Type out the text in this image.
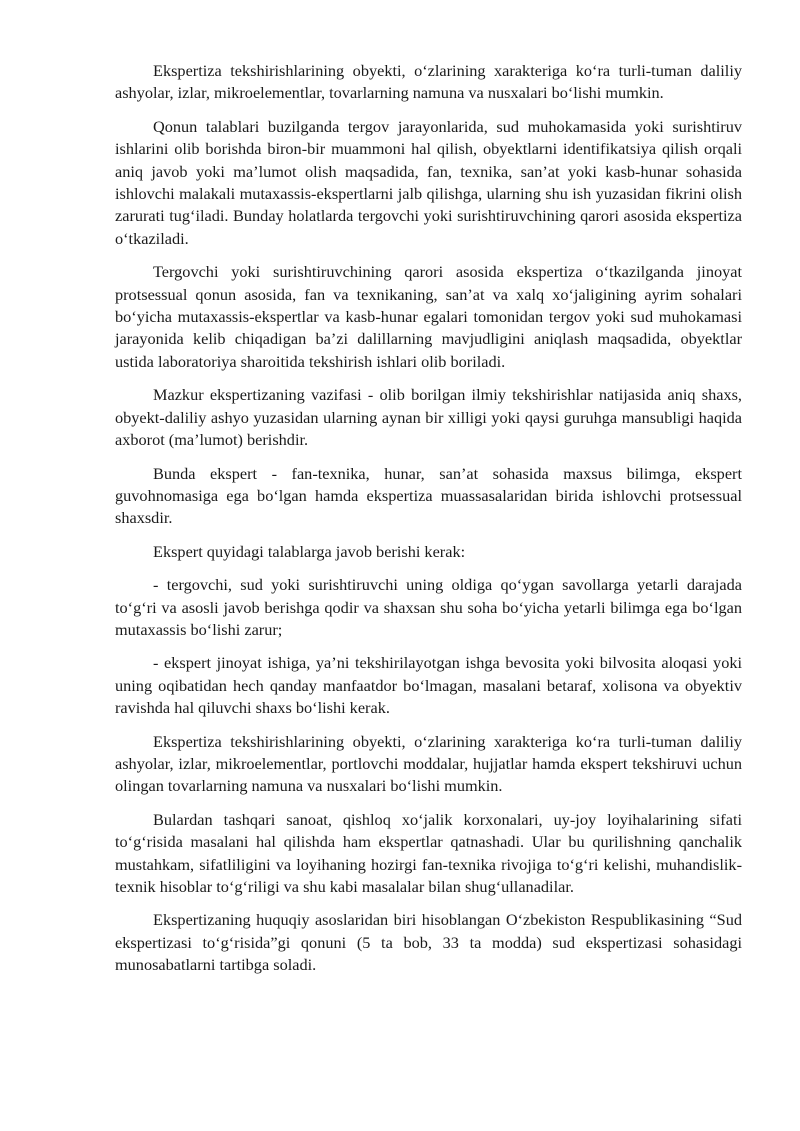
Ekspertiza tekshirishlarining obyekti, o‘zlarining xarakteriga ko‘ra turli-tuman daliliy ashyolar, izlar, mikroelementlar, tovarlarning namuna va nusxalari bo‘lishi mumkin.

Qonun talablari buzilganda tergov jarayonlarida, sud muhokamasida yoki surishtiruv ishlarini olib borishda biron-bir muammoni hal qilish, obyektlarni identifikatsiya qilish orqali aniq javob yoki ma’lumot olish maqsadida, fan, texnika, san’at yoki kasb-hunar sohasida ishlovchi malakali mutaxassis-ekspertlarni jalb qilishga, ularning shu ish yuzasidan fikrini olish zarurati tug‘iladi. Bunday holatlarda tergovchi yoki surishtiruvchining qarori asosida ekspertiza o‘tkaziladi.

Tergovchi yoki surishtiruvchining qarori asosida ekspertiza o‘tkazilganda jinoyat protsessual qonun asosida, fan va texnikaning, san’at va xalq xo‘jaligining ayrim sohalari bo‘yicha mutaxassis-ekspertlar va kasb-hunar egalari tomonidan tergov yoki sud muhokamasi jarayonida kelib chiqadigan ba’zi dalillarning mavjudligini aniqlash maqsadida, obyektlar ustida laboratoriya sharoitida tekshirish ishlari olib boriladi.

Mazkur ekspertizaning vazifasi - olib borilgan ilmiy tekshirishlar natijasida aniq shaxs, obyekt-daliliy ashyo yuzasidan ularning aynan bir xilligi yoki qaysi guruhga mansubligi haqida axborot (ma’lumot) berishdir.

Bunda ekspert - fan-texnika, hunar, san’at sohasida maxsus bilimga, ekspert guvohnomasiga ega bo‘lgan hamda ekspertiza muassasalaridan birida ishlovchi protsessual shaxsdir.

Ekspert quyidagi talablarga javob berishi kerak:

- tergovchi, sud yoki surishtiruvchi uning oldiga qo‘ygan savollarga yetarli darajada to‘g‘ri va asosli javob berishga qodir va shaxsan shu soha bo‘yicha yetarli bilimga ega bo‘lgan mutaxassis bo‘lishi zarur;

- ekspert jinoyat ishiga, ya’ni tekshirilayotgan ishga bevosita yoki bilvosita aloqasi yoki uning oqibatidan hech qanday manfaatdor bo‘lmagan, masalani betaraf, xolisona va obyektiv ravishda hal qiluvchi shaxs bo‘lishi kerak.

Ekspertiza tekshirishlarining obyekti, o‘zlarining xarakteriga ko‘ra turli-tuman daliliy ashyolar, izlar, mikroelementlar, portlovchi moddalar, hujjatlar hamda ekspert tekshiruvi uchun olingan tovarlarning namuna va nusxalari bo‘lishi mumkin.

Bulardan tashqari sanoat, qishloq xo‘jalik korxonalari, uy-joy loyihalarining sifati to‘g‘risida masalani hal qilishda ham ekspertlar qatnashadi. Ular bu qurilishning qanchalik mustahkam, sifatliligini va loyihaning hozirgi fan-texnika rivojiga to‘g‘ri kelishi, muhandislik-texnik hisoblar to‘g‘riligi va shu kabi masalalar bilan shug‘ullanadilar.

Ekspertizaning huquqiy asoslaridan biri hisoblangan O‘zbekiston Respublikasining “Sud ekspertizasi to‘g‘risida”gi qonuni (5 ta bob, 33 ta modda) sud ekspertizasi sohasidagi munosabatlarni tartibga soladi.
